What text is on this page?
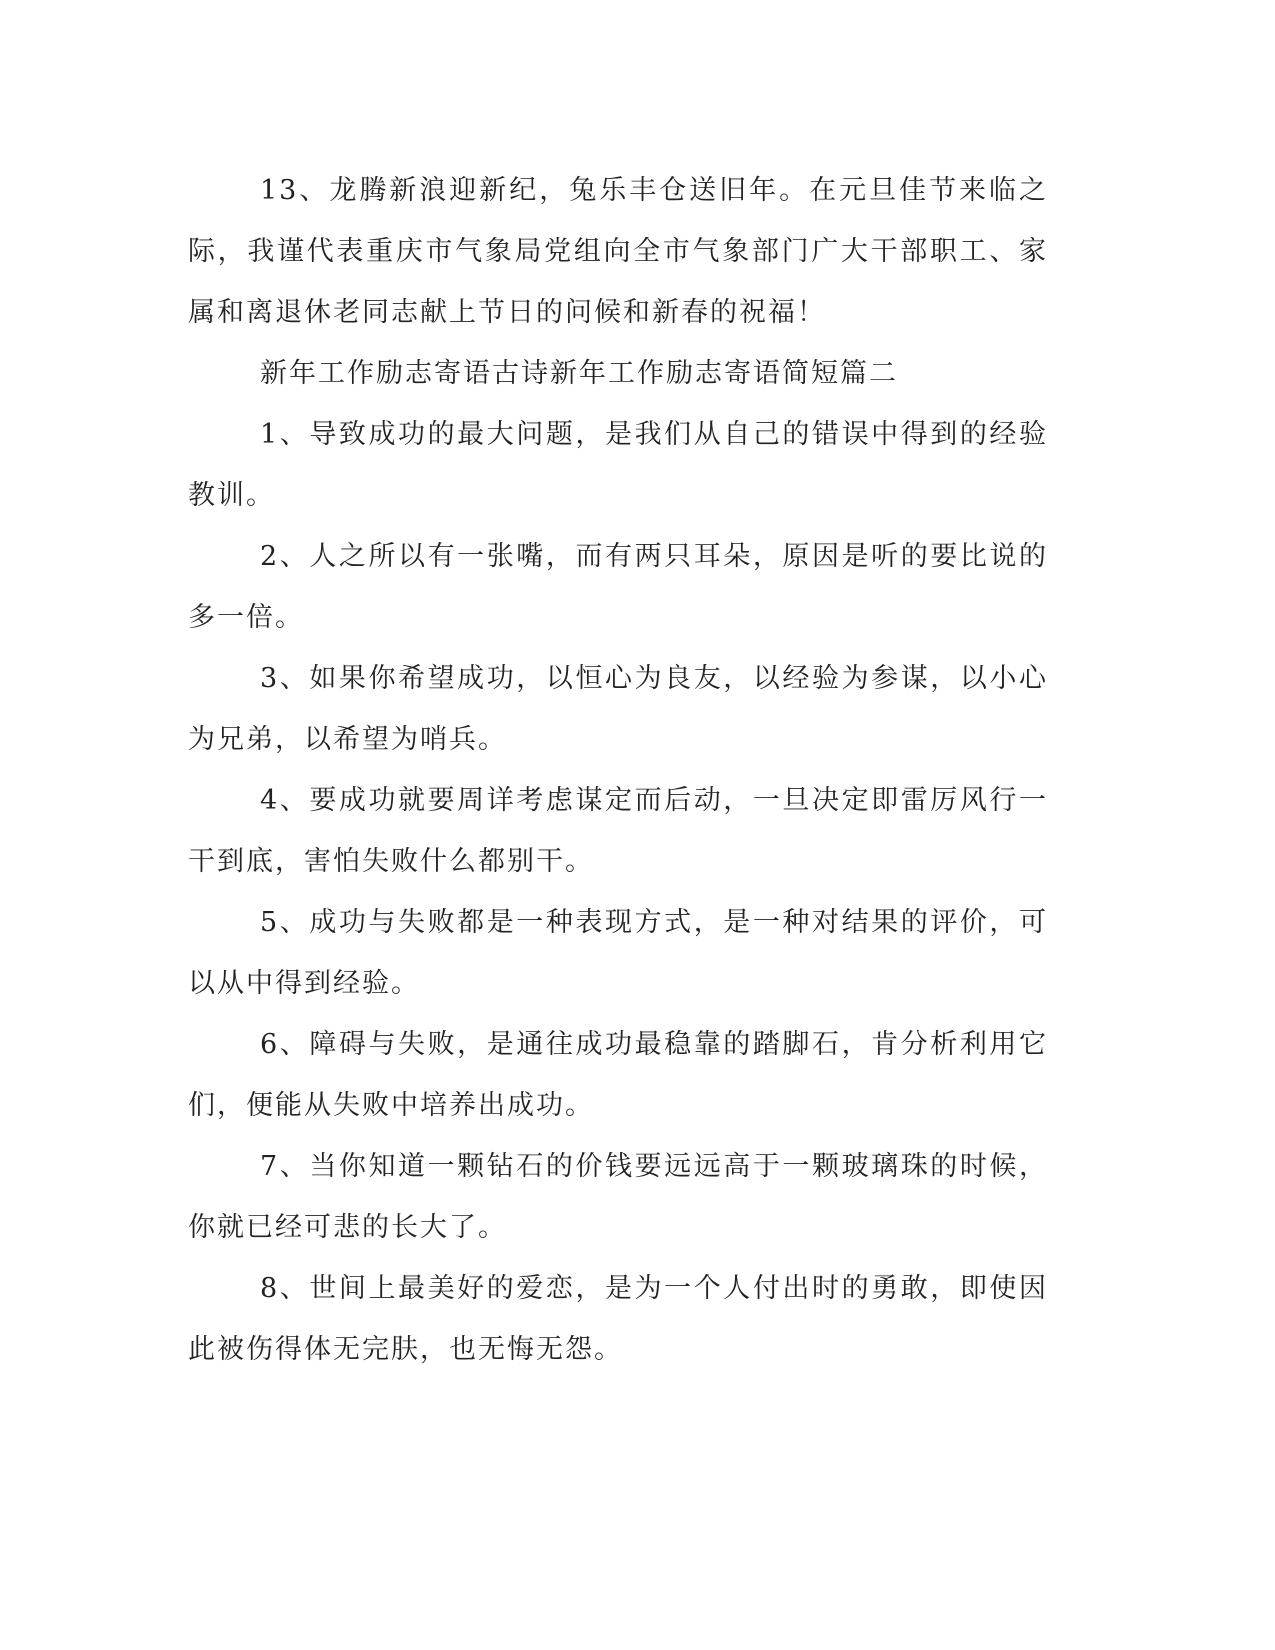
13、龙腾新浪迎新纪，兔乐丰仓送旧年。在元旦佳节来临之际，我谨代表重庆市气象局党组向全市气象部门广大干部职工、家属和离退休老同志献上节日的问候和新春的祝福！

新年工作励志寄语古诗新年工作励志寄语简短篇二

1、导致成功的最大问题，是我们从自己的错误中得到的经验教训。

2、人之所以有一张嘴，而有两只耳朵，原因是听的要比说的多一倍。

3、如果你希望成功，以恒心为良友，以经验为参谋，以小心为兄弟，以希望为哨兵。

4、要成功就要周详考虑谋定而后动，一旦决定即雷厉风行一干到底，害怕失败什么都别干。

5、成功与失败都是一种表现方式，是一种对结果的评价，可以从中得到经验。

6、障碍与失败，是通往成功最稳靠的踏脚石，肯分析利用它们，便能从失败中培养出成功。

7、当你知道一颗钻石的价钱要远远高于一颗玻璃珠的时候，你就已经可悲的长大了。

8、世间上最美好的爱恋，是为一个人付出时的勇敢，即使因此被伤得体无完肤，也无悔无怨。
